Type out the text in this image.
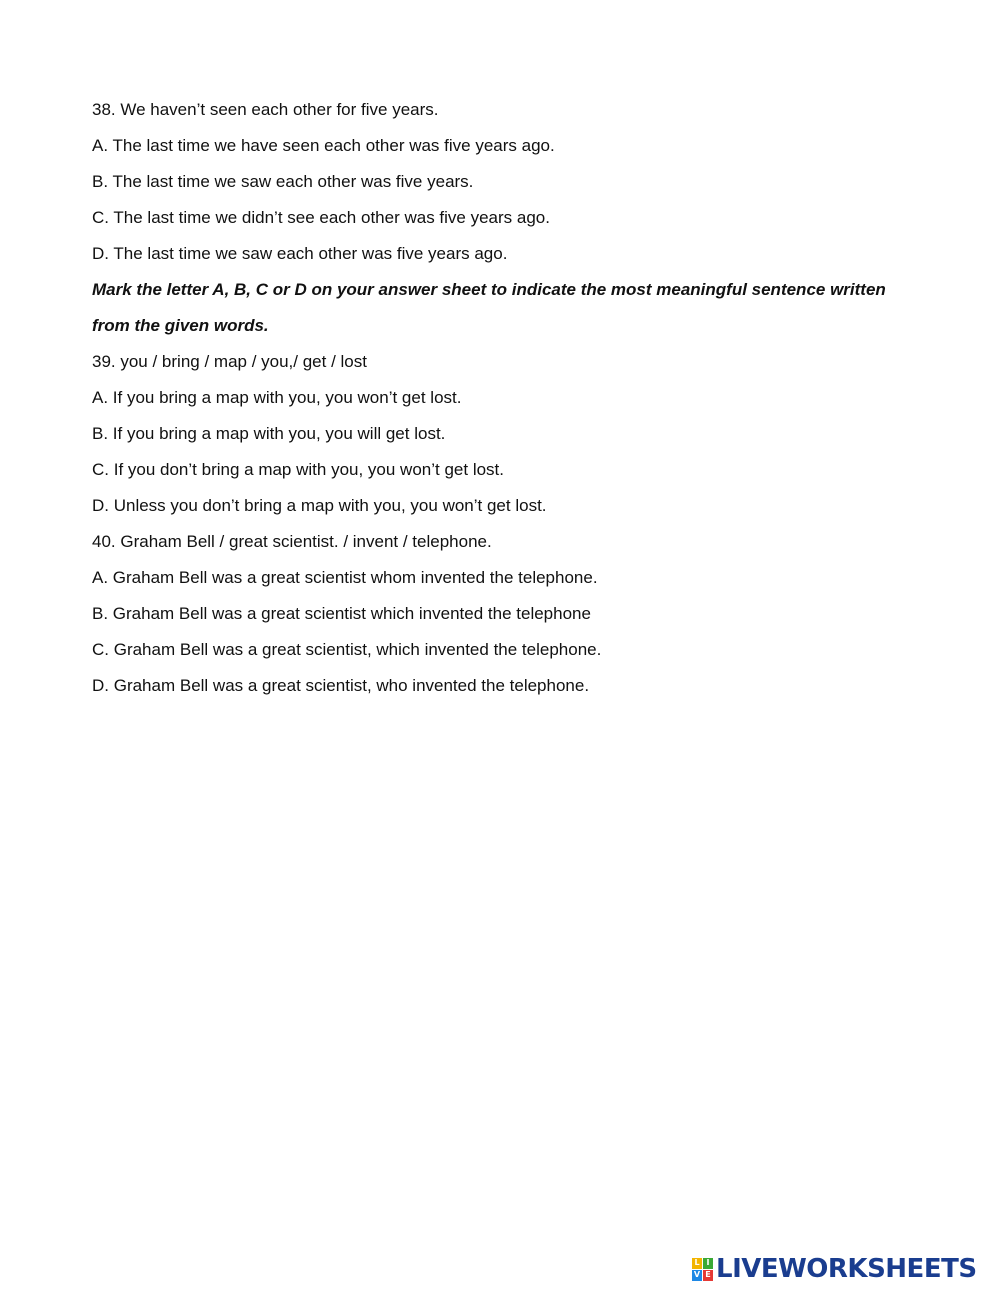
38. We haven’t seen each other for five years.
A. The last time we have seen each other was five years ago.
B. The last time we saw each other was five years.
C. The last time we didn’t see each other was five years ago.
D. The last time we saw each other was five years ago.
Mark the letter A, B, C or D on your answer sheet to indicate the most meaningful sentence written
from the given words.
39. you / bring / map / you,/ get / lost
A. If you bring a map with you, you won’t get lost.
B. If you bring a map with you, you will get lost.
C. If you don’t bring a map with you, you won’t get lost.
D. Unless you don’t bring a map with you, you won’t get lost.
40. Graham Bell / great scientist. / invent / telephone.
A. Graham Bell was a great scientist whom invented the telephone.
B. Graham Bell was a great scientist which invented the telephone
C. Graham Bell was a great scientist, which invented the telephone.
D. Graham Bell was a great scientist, who invented the telephone.
L I
V E LIVEWORKSHEETS
